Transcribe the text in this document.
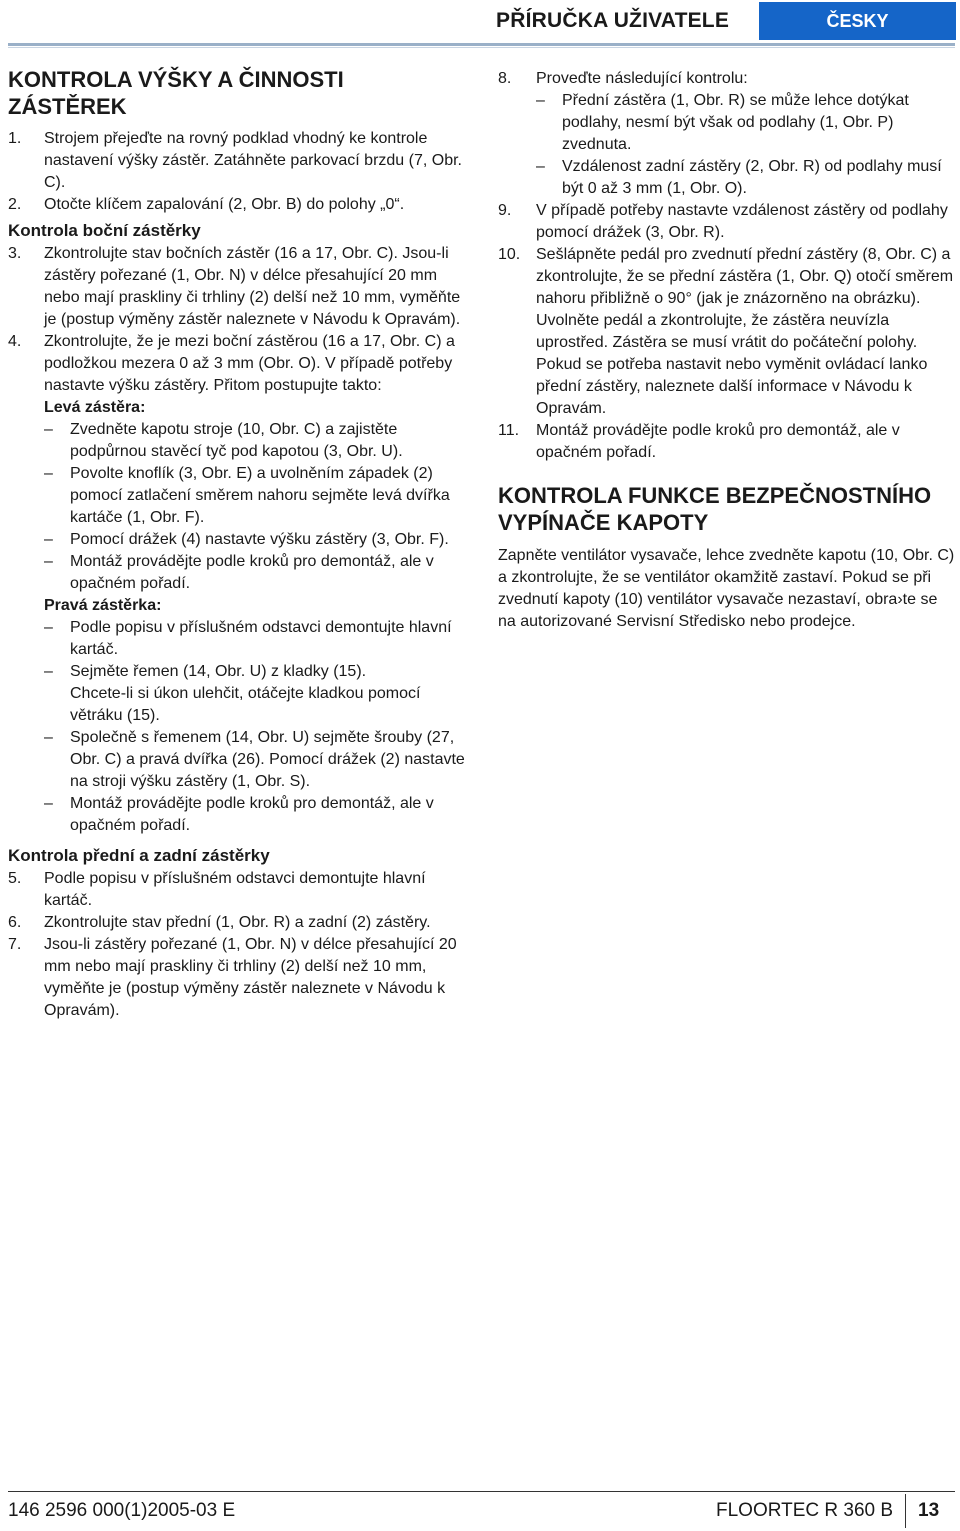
PŘÍRUČKA UŽIVATELE	ČESKY
KONTROLA VÝŠKY A ČINNOSTI
ZÁSTĚREK
1. Strojem přejeďte na rovný podklad vhodný ke kontrole nastavení výšky zástěr. Zatáhněte parkovací brzdu (7, Obr. C).
2. Otočte klíčem zapalování (2, Obr. B) do polohy „0“.
Kontrola boční zástěrky
3. Zkontrolujte stav bočních zástěr (16 a 17, Obr. C). Jsou-li zástěry pořezané (1, Obr. N) v délce přesahující 20 mm nebo mají praskliny či trhliny (2) delší než 10 mm, vyměňte je (postup výměny zástěr naleznete v Návodu k Opravám).
4. Zkontrolujte, že je mezi boční zástěrou (16 a 17, Obr. C) a podložkou mezera 0 až 3 mm (Obr. O). V případě potřeby nastavte výšku zástěry. Přitom postupujte takto:
Levá zástěra:
– Zvedněte kapotu stroje (10, Obr. C) a zajistěte podpůrnou stavěcí tyč pod kapotou (3, Obr. U).
– Povolte knoflík (3, Obr. E) a uvolněním západek (2) pomocí zatlačení směrem nahoru sejměte levá dvířka kartáče (1, Obr. F).
– Pomocí drážek (4) nastavte výšku zástěry (3, Obr. F).
– Montáž provádějte podle kroků pro demontáž, ale v opačném pořadí.
Pravá zástěrka:
– Podle popisu v příslušném odstavci demontujte hlavní kartáč.
– Sejměte řemen (14, Obr. U) z kladky (15).
Chcete-li si úkon ulehčit, otáčejte kladkou pomocí větráku (15).
– Společně s řemenem (14, Obr. U) sejměte šrouby (27, Obr. C) a pravá dvířka (26). Pomocí drážek (2) nastavte na stroji výšku zástěry (1, Obr. S).
– Montáž provádějte podle kroků pro demontáž, ale v opačném pořadí.
Kontrola přední a zadní zástěrky
5. Podle popisu v příslušném odstavci demontujte hlavní kartáč.
6. Zkontrolujte stav přední (1, Obr. R) a zadní (2) zástěry.
7. Jsou-li zástěry pořezané (1, Obr. N) v délce přesahující 20 mm nebo mají praskliny či trhliny (2) delší než 10 mm, vyměňte je (postup výměny zástěr naleznete v Návodu k Opravám).
8. Proveďte následující kontrolu:
– Přední zástěra (1, Obr. R) se může lehce dotýkat podlahy, nesmí být však od podlahy (1, Obr. P) zvednuta.
– Vzdálenost zadní zástěry (2, Obr. R) od podlahy musí být 0 až 3 mm (1, Obr. O).
9. V případě potřeby nastavte vzdálenost zástěry od podlahy pomocí drážek (3, Obr. R).
10. Sešlápněte pedál pro zvednutí přední zástěry (8, Obr. C) a zkontrolujte, že se přední zástěra (1, Obr. Q) otočí směrem nahoru přibližně o 90° (jak je znázorněno na obrázku). Uvolněte pedál a zkontrolujte, že zástěra neuvízla uprostřed. Zástěra se musí vrátit do počáteční polohy. Pokud se potřeba nastavit nebo vyměnit ovládací lanko přední zástěry, naleznete další informace v Návodu k Opravám.
11. Montáž provádějte podle kroků pro demontáž, ale v opačném pořadí.
KONTROLA FUNKCE BEZPEČNOSTNÍHO
VYPÍNAČE KAPOTY

Zapněte ventilátor vysavače, lehce zvedněte kapotu (10, Obr. C) a zkontrolujte, že se ventilátor okamžitě zastaví. Pokud se při zvednutí kapoty (10) ventilátor vysavače nezastaví, obra›te se na autorizované Servisní Středisko nebo prodejce.

146 2596 000(1)2005-03 E	FLOORTEC R 360 B 13
